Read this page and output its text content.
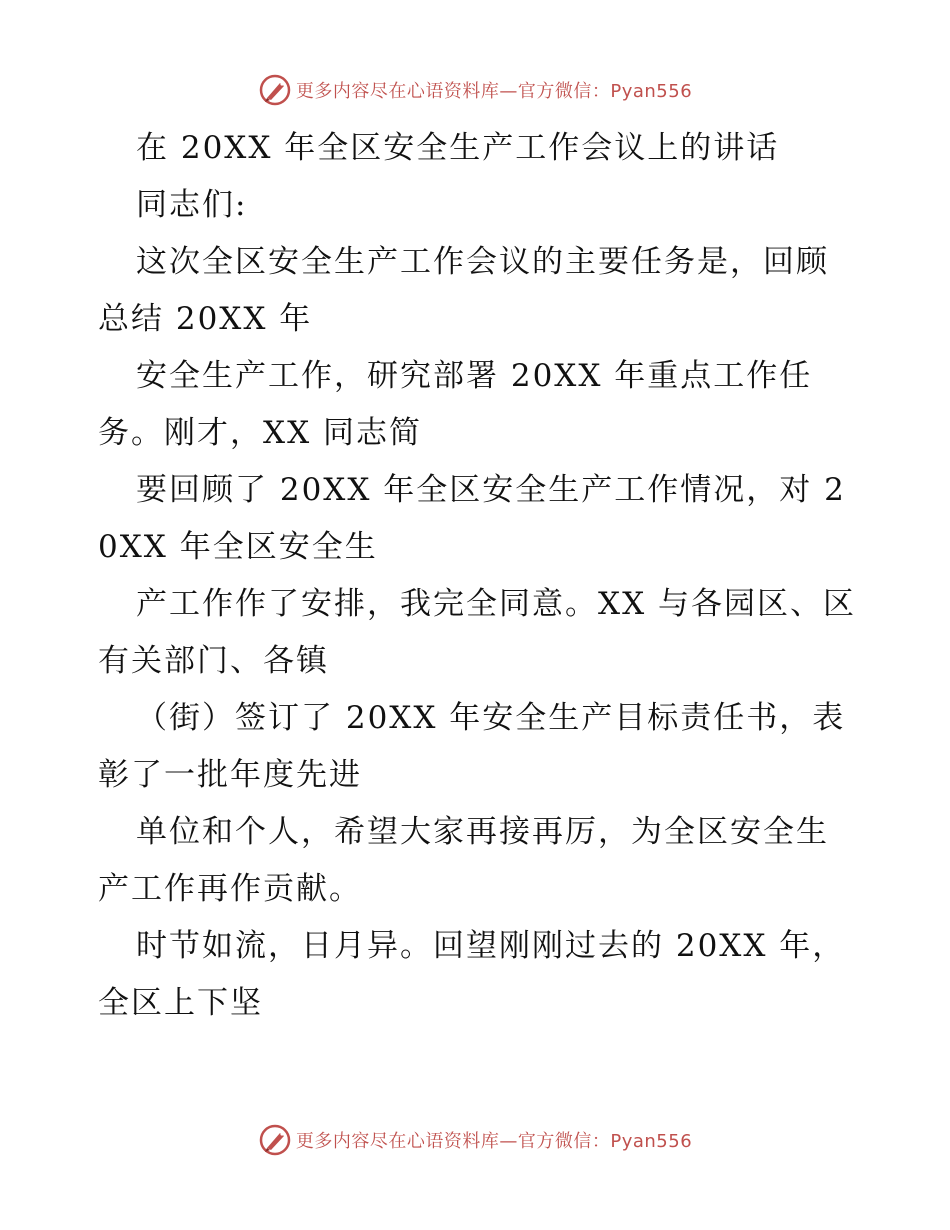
更多内容尽在心语资料库—官方微信：Pyan556

在 20XX 年全区安全生产工作会议上的讲话

同志们:

这次全区安全生产工作会议的主要任务是，回顾总结 20XX 年

安全生产工作，研究部署 20XX 年重点工作任务。刚才，XX 同志简

要回顾了 20XX 年全区安全生产工作情况，对 20XX 年全区安全生

产工作作了安排，我完全同意。XX 与各园区、区有关部门、各镇

（街）签订了 20XX 年安全生产目标责任书，表彰了一批年度先进

单位和个人，希望大家再接再厉，为全区安全生产工作再作贡献。

时节如流，日月异。回望刚刚过去的 20XX 年，全区上下坚

更多内容尽在心语资料库—官方微信：Pyan556
